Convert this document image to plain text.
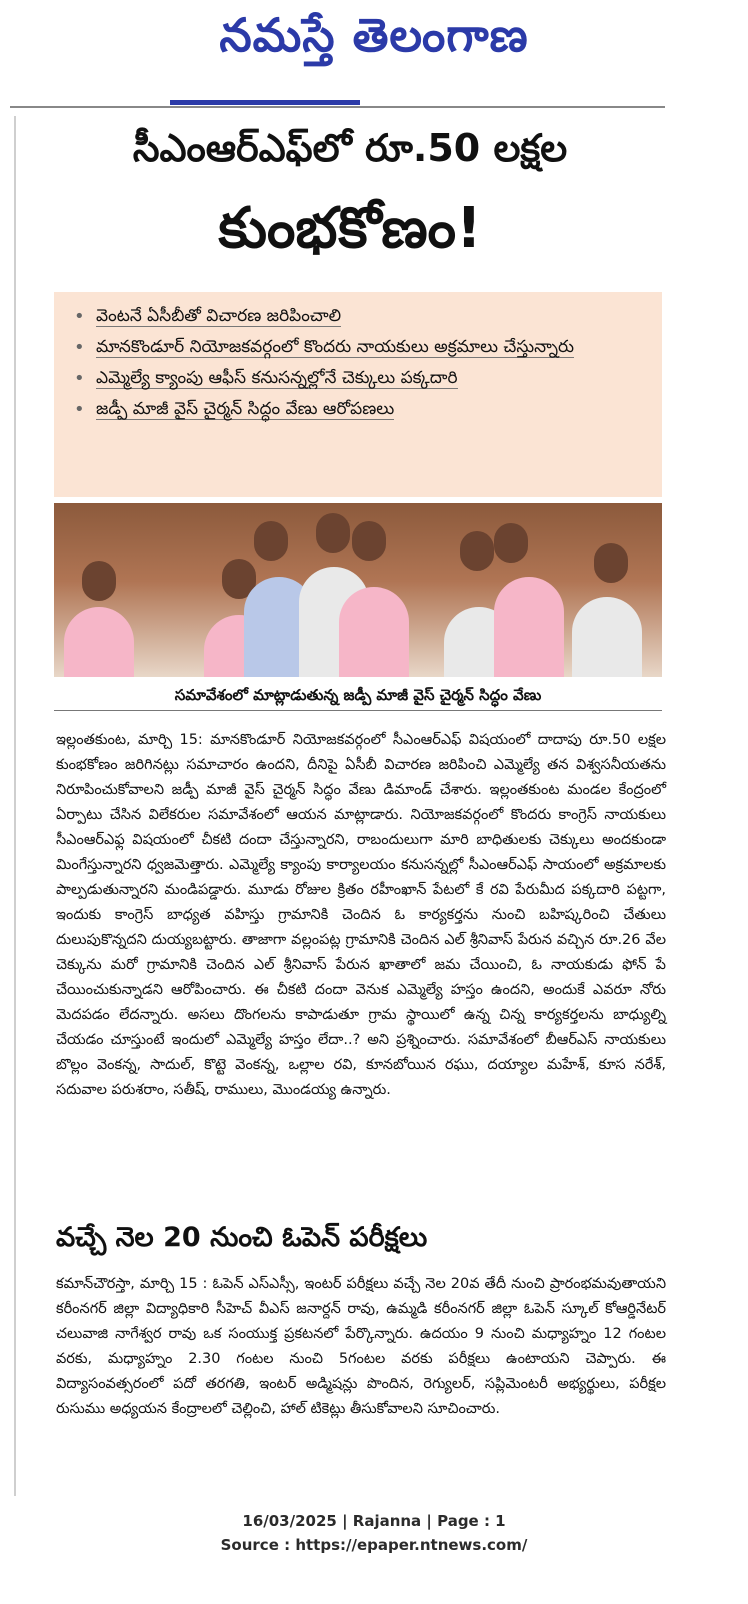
నమస్తే తెలంగాణ
సీఎంఆర్ఎఫ్‌లో రూ.50 లక్షల
కుంభకోణం!
• వెంటనే ఏసీబీతో విచారణ జరిపించాలి
• మానకొండూర్ నియోజకవర్గంలో కొందరు నాయకులు అక్రమాలు చేస్తున్నారు
• ఎమ్మెల్యే క్యాంపు ఆఫీస్ కనుసన్నల్లోనే చెక్కులు పక్కదారి
• జడ్పీ మాజీ వైస్ చైర్మన్ సిద్ధం వేణు ఆరోపణలు
సమావేశంలో మాట్లాడుతున్న జడ్పీ మాజీ వైస్ చైర్మన్ సిద్ధం వేణు
ఇల్లంతకుంట, మార్చి 15: మానకొండూర్ నియోజకవర్గంలో సీఎంఆర్ఎఫ్ విషయంలో దాదాపు రూ.50 లక్షల కుంభకోణం జరిగినట్లు సమాచారం ఉందని, దీనిపై ఏసీబీ విచారణ జరిపించి ఎమ్మెల్యే తన విశ్వసనీయతను నిరూపించుకోవాలని జడ్పీ మాజీ వైస్ చైర్మన్ సిద్ధం వేణు డిమాండ్ చేశారు. ఇల్లంతకుంట మండల కేంద్రంలో ఏర్పాటు చేసిన విలేకరుల సమావేశంలో ఆయన మాట్లాడారు. నియోజకవర్గంలో కొందరు కాంగ్రెస్ నాయకులు సీఎంఆర్ఎఫ్ల విషయంలో చీకటి దందా చేస్తున్నారని, రాబందులుగా మారి బాధితులకు చెక్కులు అందకుండా మింగేస్తున్నారని ధ్వజమెత్తారు. ఎమ్మెల్యే క్యాంపు కార్యాలయం కనుసన్నల్లో సీఎంఆర్ఎఫ్ సాయంలో అక్రమాలకు పాల్పడుతున్నారని మండిపడ్డారు. మూడు రోజుల క్రితం రహీంఖాన్ పేటలో కే రవి పేరుమీద పక్కదారి పట్టగా, ఇందుకు కాంగ్రెస్ బాధ్యత వహిస్తు గ్రామానికి చెందిన ఓ కార్యకర్తను నుంచి బహిష్కరించి చేతులు దులుపుకొన్నదని దుయ్యబట్టారు. తాజాగా వల్లంపట్ల గ్రామానికి చెందిన ఎల్ శ్రీనివాస్ పేరున వచ్చిన రూ.26 వేల చెక్కును మరో గ్రామానికి చెందిన ఎల్ శ్రీనివాస్ పేరున ఖాతాలో జమ చేయించి, ఓ నాయకుడు ఫోన్ పే చేయించుకున్నాడని ఆరోపించారు. ఈ చీకటి దందా వెనుక ఎమ్మెల్యే హస్తం ఉందని, అందుకే ఎవరూ నోరు మెదపడం లేదన్నారు. అసలు దొంగలను కాపాడుతూ గ్రామ స్థాయిలో ఉన్న చిన్న కార్యకర్తలను బాధ్యుల్ని చేయడం చూస్తుంటే ఇందులో ఎమ్మెల్యే హస్తం లేదా..? అని ప్రశ్నించారు. సమావేశంలో బీఆర్ఎస్ నాయకులు బొల్లం వెంకన్న, సాదుల్, కొట్టె వెంకన్న, ఒల్లాల రవి, కూనబోయిన రఘు, దయ్యాల మహేశ్, కూస నరేశ్, సదువాల పరుశరాం, సతీష్, రాములు, మొండయ్య ఉన్నారు.
వచ్చే నెల 20 నుంచి ఓపెన్ పరీక్షలు
కమాన్‌చౌరస్తా, మార్చి 15 : ఓపెన్ ఎస్ఎస్సీ, ఇంటర్ పరీక్షలు వచ్చే నెల 20వ తేదీ నుంచి ప్రారంభమవుతాయని కరీంనగర్ జిల్లా విద్యాధికారి సీహెచ్ వీఎస్ జనార్దన్ రావు, ఉమ్మడి కరీంనగర్ జిల్లా ఓపెన్ స్కూల్ కోఆర్డినేటర్ చలువాజి నాగేశ్వర రావు ఒక సంయుక్త ప్రకటనలో పేర్కొన్నారు. ఉదయం 9 నుంచి మధ్యాహ్నం 12 గంటల వరకు, మధ్యాహ్నం 2.30 గంటల నుంచి 5గంటల వరకు పరీక్షలు ఉంటాయని చెప్పారు. ఈ విద్యాసంవత్సరంలో పదో తరగతి, ఇంటర్ అడ్మిషన్లు పొందిన, రెగ్యులర్, సప్లిమెంటరీ అభ్యర్థులు, పరీక్షల రుసుము అధ్యయన కేంద్రాలలో చెల్లించి, హాల్ టికెట్లు తీసుకోవాలని సూచించారు.
16/03/2025 | Rajanna | Page : 1
Source : https://epaper.ntnews.com/
